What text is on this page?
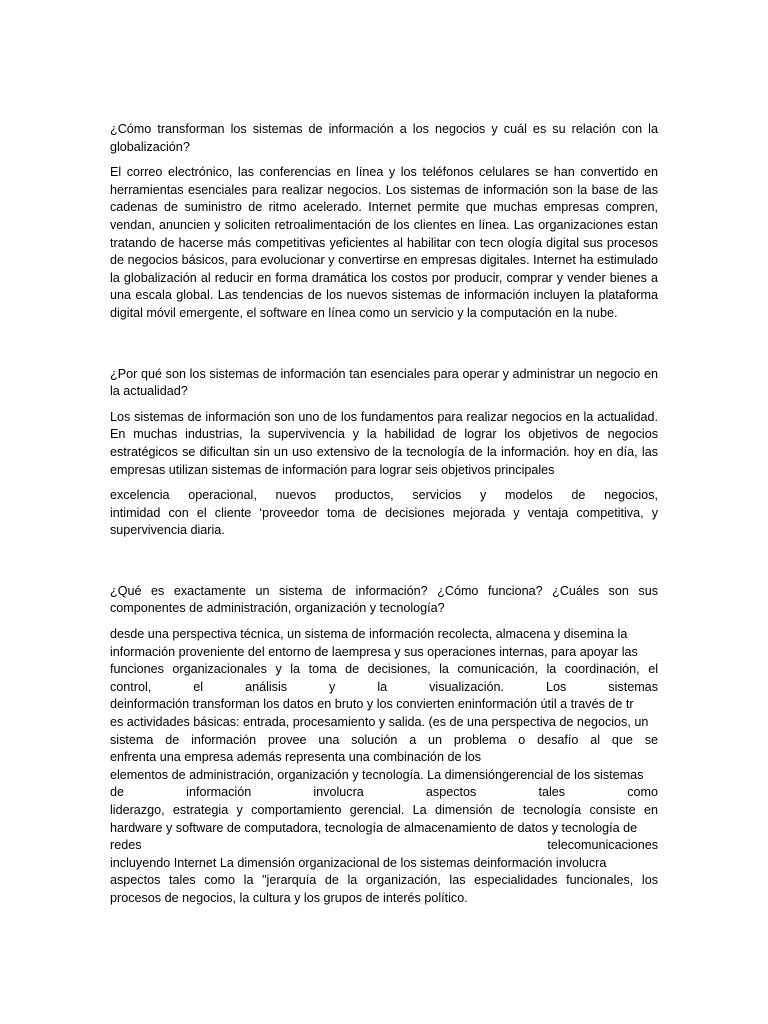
¿Cómo transforman los sistemas de información a los negocios y cuál es su relación con la globalización?

El correo electrónico, las conferencias en línea y los teléfonos celulares se han convertido en herramientas esenciales para realizar negocios. Los sistemas de información son la base de las cadenas de suministro de ritmo acelerado. Internet permite que muchas empresas compren, vendan, anuncien y soliciten retroalimentación de los clientes en línea. Las organizaciones estan tratando de hacerse más competitivas yeficientes al habilitar con tecn ología digital sus procesos de negocios básicos, para evolucionar y convertirse en empresas digitales. Internet ha estimulado la globalización al reducir en forma dramática los costos por producir, comprar y vender bienes a una escala global. Las tendencias de los nuevos sistemas de información incluyen la plataforma digital móvil emergente, el software en línea como un servicio y la computación en la nube.

¿Por qué son los sistemas de información tan esenciales para operar y administrar un negocio en la actualidad?

Los sistemas de información son uno de los fundamentos para realizar negocios en la actualidad. En muchas industrias, la supervivencia y la habilidad de lograr los objetivos de negocios estratégicos se dificultan sin un uso extensivo de la tecnología de la información. hoy en día, las empresas utilizan sistemas de información para lograr seis objetivos principales

excelencia operacional, nuevos productos, servicios y modelos de negocios,
intimidad con el cliente ‘proveedor toma de decisiones mejorada y ventaja competitiva, y
supervivencia diaria.

¿Qué es exactamente un sistema de información? ¿Cómo funciona? ¿Cuáles son sus componentes de administración, organización y tecnología?

desde una perspectiva técnica, un sistema de información recolecta, almacena y disemina la
información proveniente del entorno de laempresa y sus operaciones internas, para apoyar las
funciones organizacionales y la toma de decisiones, la comunicación, la coordinación, el
control, el análisis y la visualización. Los sistemas
deinformación transforman los datos en bruto y los convierten eninformación útil a través de tr
es actividades básicas: entrada, procesamiento y salida. (es de una perspectiva de negocios, un
sistema de información provee una solución a un problema o desafío al que se
enfrenta una empresa además representa una combinación de los
elementos de administración, organización y tecnología. La dimensióngerencial de los sistemas
de información involucra aspectos tales como
liderazgo, estrategia y comportamiento gerencial. La dimensión de tecnología consiste en
hardware y software de computadora, tecnología de almacenamiento de datos y tecnología de
redes telecomunicaciones
incluyendo Internet La dimensión organizacional de los sistemas deinformación involucra
aspectos tales como la "jerarquía de la organización, las especialidades funcionales, los
procesos de negocios, la cultura y los grupos de interés político.
